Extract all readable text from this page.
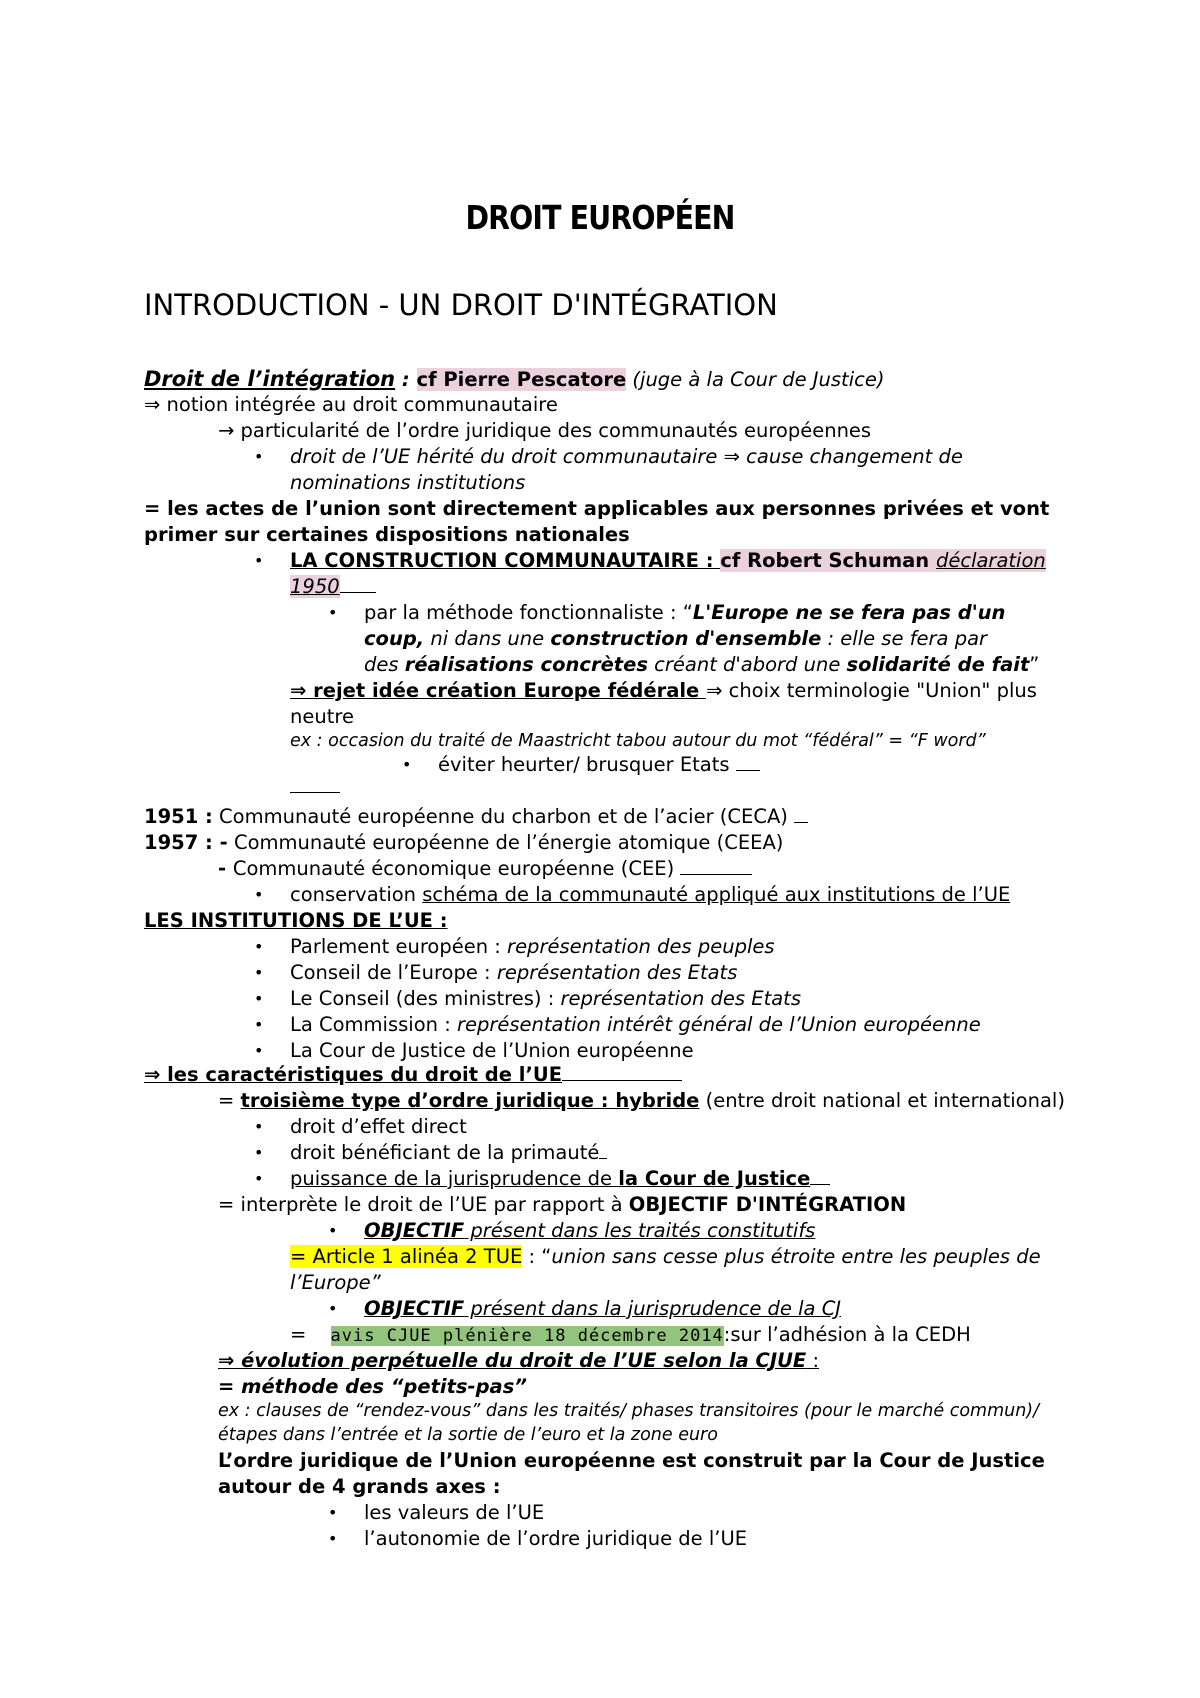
DROIT EUROPÉEN
INTRODUCTION - UN DROIT D'INTÉGRATION
Droit de l’intégration : cf Pierre Pescatore (juge à la Cour de Justice)
⇒ notion intégrée au droit communautaire
→ particularité de l’ordre juridique des communautés européennes
• droit de l’UE hérité du droit communautaire ⇒ cause changement de
nominations institutions
= les actes de l’union sont directement applicables aux personnes privées et vont
primer sur certaines dispositions nationales
• LA CONSTRUCTION COMMUNAUTAIRE : cf Robert Schuman déclaration
1950
• par la méthode fonctionnaliste : “L'Europe ne se fera pas d'un
coup, ni dans une construction d'ensemble : elle se fera par
des réalisations concrètes créant d'abord une solidarité de fait”
⇒ rejet idée création Europe fédérale ⇒ choix terminologie "Union" plus
neutre
ex : occasion du traité de Maastricht tabou autour du mot “fédéral” = “F word”
• éviter heurter/ brusquer Etats
1951 : Communauté européenne du charbon et de l’acier (CECA)
1957 : - Communauté européenne de l’énergie atomique (CEEA)
- Communauté économique européenne (CEE)
• conservation schéma de la communauté appliqué aux institutions de l’UE
LES INSTITUTIONS DE L’UE :
• Parlement européen : représentation des peuples
• Conseil de l’Europe : représentation des Etats
• Le Conseil (des ministres) : représentation des Etats
• La Commission : représentation intérêt général de l’Union européenne
• La Cour de Justice de l’Union européenne
⇒ les caractéristiques du droit de l’UE
= troisième type d’ordre juridique : hybride (entre droit national et international)
• droit d’effet direct
• droit bénéficiant de la primauté
• puissance de la jurisprudence de la Cour de Justice
= interprète le droit de l’UE par rapport à OBJECTIF D'INTÉGRATION
• OBJECTIF présent dans les traités constitutifs
= Article 1 alinéa 2 TUE : “union sans cesse plus étroite entre les peuples de
l’Europe”
• OBJECTIF présent dans la jurisprudence de la CJ
= avis CJUE plénière 18 décembre 2014:sur l’adhésion à la CEDH
⇒ évolution perpétuelle du droit de l’UE selon la CJUE :
= méthode des “petits-pas”
ex : clauses de “rendez-vous” dans les traités/ phases transitoires (pour le marché commun)/
étapes dans l’entrée et la sortie de l’euro et la zone euro
L’ordre juridique de l’Union européenne est construit par la Cour de Justice
autour de 4 grands axes :
• les valeurs de l’UE
• l’autonomie de l’ordre juridique de l’UE
